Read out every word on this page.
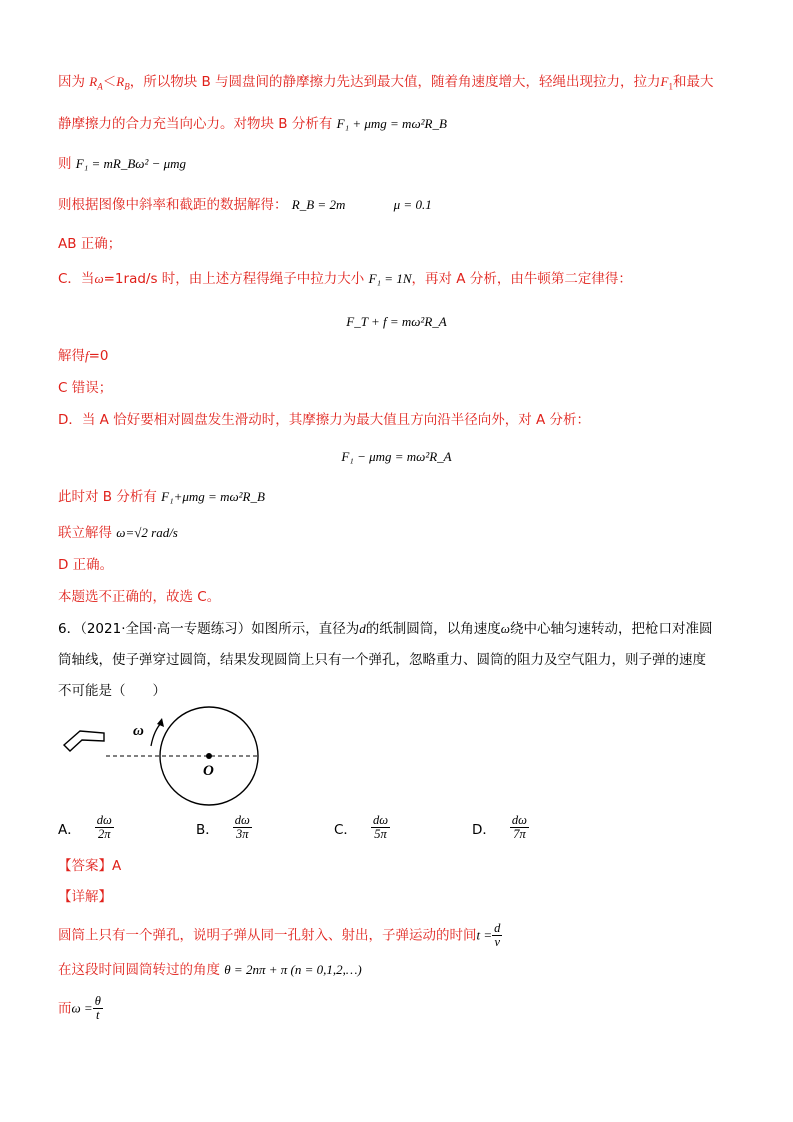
因为 $R_A<R_B$，所以物块 B 与圆盘间的静摩擦力先达到最大值，随着角速度增大，轻绳出现拉力，拉力$F_1$和最大
静摩擦力的合力充当向心力。对物块 B 分析有 F₁ + μmg = mω²R_B
则 F₁ = mR_Bω² − μmg
则根据图像中斜率和截距的数据解得： R_B = 2m	μ = 0.1
AB 正确；
C．当ω=1rad/s 时，由上述方程得绳子中拉力大小 F₁ = 1N，再对 A 分析，由牛顿第二定律得：
F_T + f = mω²R_A
解得f=0
C 错误；
D．当 A 恰好要相对圆盘发生滑动时，其摩擦力为最大值且方向沿半径向外，对 A 分析：
F₁ − μmg = mω²R_A
此时对 B 分析有 F₁+μmg = mω²R_B
联立解得 ω=√2 rad/s
D 正确。
本题选不正确的，故选 C。
6．（2021·全国·高一专题练习）如图所示，直径为d的纸制圆筒，以角速度ω绕中心轴匀速转动，把枪口对准圆
筒轴线，使子弹穿过圆筒，结果发现圆筒上只有一个弹孔，忽略重力、圆筒的阻力及空气阻力，则子弹的速度
不可能是（　　）
ω
O
A． $\frac{d\omega}{2\pi}$	B． $\frac{d\omega}{3\pi}$	C． $\frac{d\omega}{5\pi}$	D． $\frac{d\omega}{7\pi}$
【答案】A
【详解】
圆筒上只有一个弹孔，说明子弹从同一孔射入、射出，子弹运动的时间$t = \frac{d}{v}$
在这段时间圆筒转过的角度 θ = 2nπ + π (n = 0,1,2,…)
而$\omega = \frac{\theta}{t}$
